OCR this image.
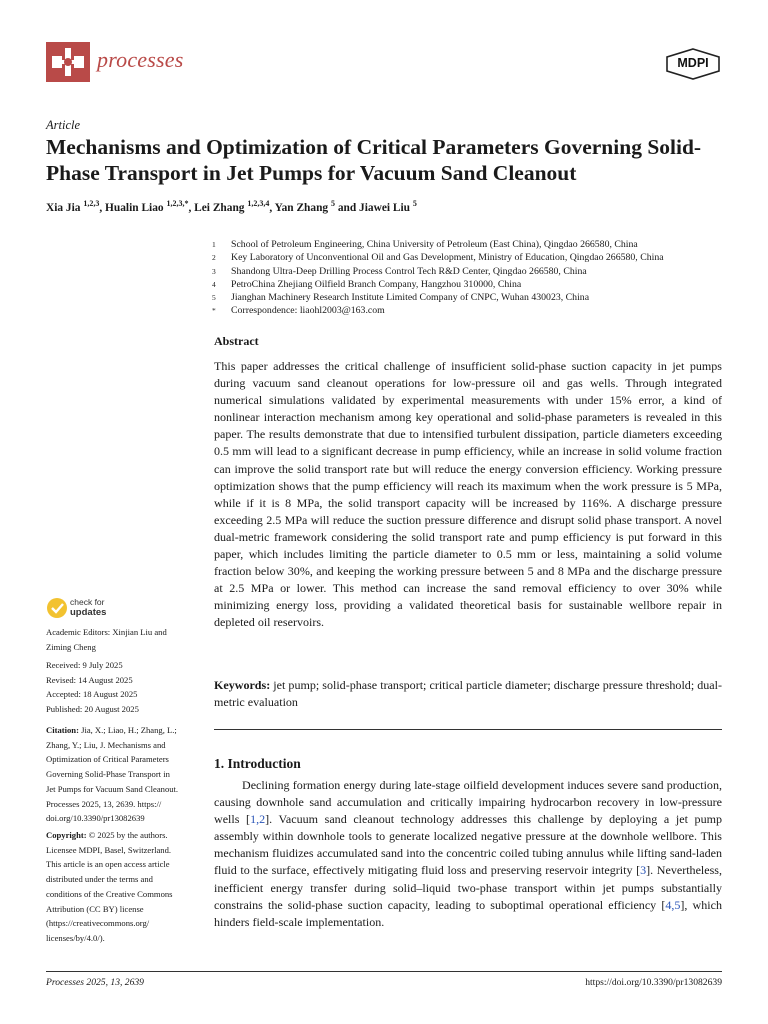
processes	MDPI
Article
Mechanisms and Optimization of Critical Parameters Governing Solid-Phase Transport in Jet Pumps for Vacuum Sand Cleanout
Xia Jia $^{1,2,3}$, Hualin Liao $^{1,2,3,*}$, Lei Zhang $^{1,2,3,4}$, Yan Zhang $^5$ and Jiawei Liu $^5$
1	School of Petroleum Engineering, China University of Petroleum (East China), Qingdao 266580, China
2	Key Laboratory of Unconventional Oil and Gas Development, Ministry of Education, Qingdao 266580, China
3	Shandong Ultra-Deep Drilling Process Control Tech R&D Center, Qingdao 266580, China
4	PetroChina Zhejiang Oilfield Branch Company, Hangzhou 310000, China
5	Jianghan Machinery Research Institute Limited Company of CNPC, Wuhan 430023, China
*	Correspondence: liaohl2003@163.com
Abstract
This paper addresses the critical challenge of insufficient solid-phase suction capacity in jet pumps during vacuum sand cleanout operations for low-pressure oil and gas wells. Through integrated numerical simulations validated by experimental measurements with under 15% error, a kind of nonlinear interaction mechanism among key operational and solid-phase parameters is revealed in this paper. The results demonstrate that due to intensified turbulent dissipation, particle diameters exceeding 0.5 mm will lead to a significant decrease in pump efficiency, while an increase in solid volume fraction can improve the solid transport rate but will reduce the energy conversion efficiency. Working pressure optimization shows that the pump efficiency will reach its maximum when the work pressure is 5 MPa, while if it is 8 MPa, the solid transport capacity will be increased by 116%. A discharge pressure exceeding 2.5 MPa will reduce the suction pressure difference and disrupt solid phase transport. A novel dual-metric framework considering the solid transport rate and pump efficiency is put forward in this paper, which includes limiting the particle diameter to 0.5 mm or less, maintaining a solid volume fraction below 30%, and keeping the working pressure between 5 and 8 MPa and the discharge pressure at 2.5 MPa or lower. This method can increase the sand removal efficiency to over 30% while minimizing energy loss, providing a validated theoretical basis for sustainable wellbore repair in depleted oil reservoirs.
Keywords: jet pump; solid-phase transport; critical particle diameter; discharge pressure threshold; dual-metric evaluation
1. Introduction
Declining formation energy during late-stage oilfield development induces severe sand production, causing downhole sand accumulation and critically impairing hydrocarbon recovery in low-pressure wells [1,2]. Vacuum sand cleanout technology addresses this challenge by deploying a jet pump assembly within downhole tools to generate localized negative pressure at the downhole wellbore. This mechanism fluidizes accumulated sand into the concentric coiled tubing annulus while lifting sand-laden fluid to the surface, effectively mitigating fluid loss and preserving reservoir integrity [3]. Nevertheless, inefficient energy transfer during solid–liquid two-phase transport within jet pumps substantially constrains the solid-phase suction capacity, leading to suboptimal operational efficiency [4,5], which hinders field-scale implementation.
check for
updates
Academic Editors: Xinjian Liu and
Ziming Cheng
Received: 9 July 2025
Revised: 14 August 2025
Accepted: 18 August 2025
Published: 20 August 2025
Citation: Jia, X.; Liao, H.; Zhang, L.;
Zhang, Y.; Liu, J. Mechanisms and
Optimization of Critical Parameters
Governing Solid-Phase Transport in
Jet Pumps for Vacuum Sand Cleanout.
Processes 2025, 13, 2639. https://
doi.org/10.3390/pr13082639
Copyright: © 2025 by the authors.
Licensee MDPI, Basel, Switzerland.
This article is an open access article
distributed under the terms and
conditions of the Creative Commons
Attribution (CC BY) license
(https://creativecommons.org/
licenses/by/4.0/).
Processes 2025, 13, 2639	https://doi.org/10.3390/pr13082639
